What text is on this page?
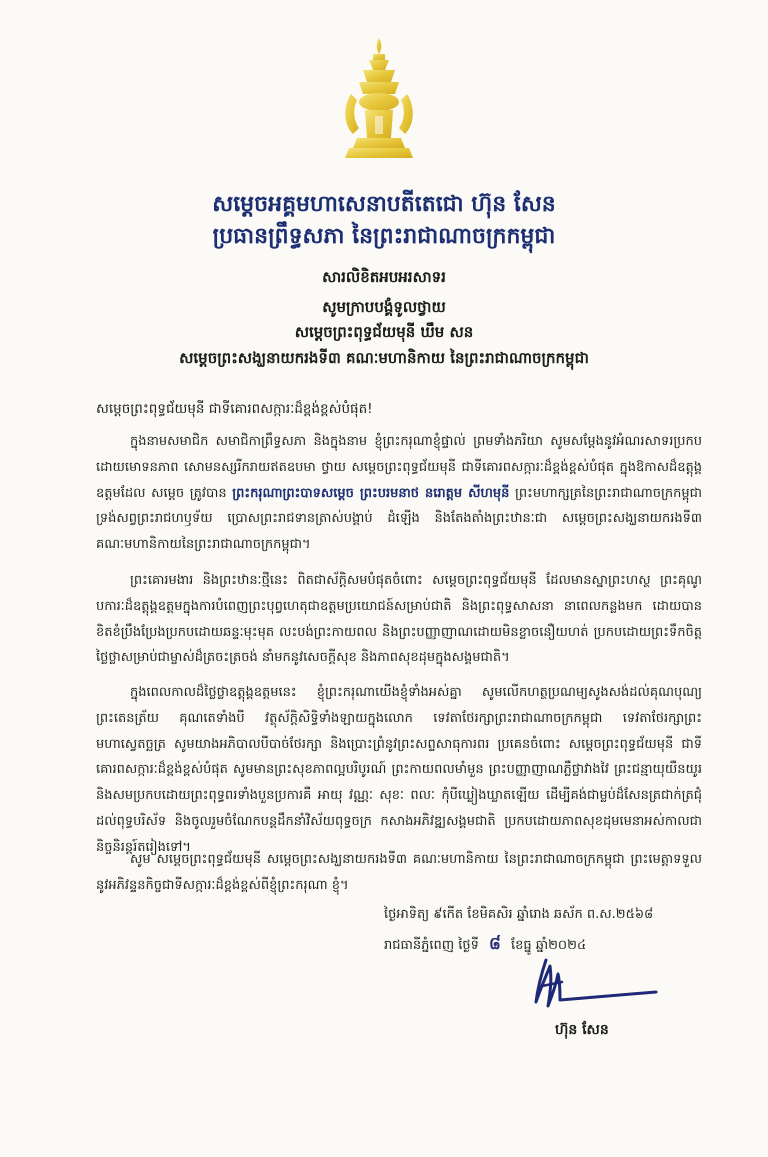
សម្តេចអគ្គមហាសេនាបតីតេជោ ហ៊ុន សែន
ប្រធានព្រឹទ្ធសភា នៃព្រះរាជាណាចក្រកម្ពុជា
សារលិខិតអបអរសាទរ
សូមក្រាបបង្គំទូលថ្វាយ
សម្តេចព្រះពុទ្ធជ័យមុនី ឃឹម សន
សម្តេចព្រះសង្ឃនាយករងទី៣ គណៈមហានិកាយ នៃព្រះរាជាណាចក្រកម្ពុជា
សម្តេចព្រះពុទ្ធជ័យមុនី ជាទីគោរពសក្ការៈដ៏ខ្ពង់ខ្ពស់បំផុត!

ក្នុងនាមសមាជិក សមាជិកាព្រឹទ្ធសភា និងក្នុងនាម ខ្ញុំព្រះករុណាខ្ញុំផ្ទាល់ ព្រមទាំងភរិយា សូមសម្តែងនូវអំណរសាទរប្រកបដោយមោទនភាព សោមនស្សរីករាយឥតឧបមា ថ្វាយ សម្តេចព្រះពុទ្ធជ័យមុនី ជាទីគោរពសក្ការៈដ៏ខ្ពង់ខ្ពស់បំផុត ក្នុងឱកាសដ៏ឧត្តុង្គឧត្តមដែល សម្តេច ត្រូវបាន ព្រះករុណាព្រះបាទសម្តេច ព្រះបរមនាថ នរោត្តម សីហមុនី ព្រះមហាក្សត្រនៃព្រះរាជាណាចក្រកម្ពុជា ទ្រង់សព្វព្រះរាជហឫទ័យ ប្រោសព្រះរាជទានត្រាស់បង្គាប់ ដំឡើង និងតែងតាំងព្រះឋានៈជា សម្តេចព្រះសង្ឃនាយករងទី៣ គណៈមហានិកាយនៃព្រះរាជាណាចក្រកម្ពុជា។

ព្រះគោរមងារ និងព្រះឋានៈថ្មីនេះ ពិតជាស័ក្តិសមបំផុតចំពោះ សម្តេចព្រះពុទ្ធជ័យមុនី ដែលមានស្នាព្រះហស្ថ ព្រះគុណូបការៈដ៏ឧត្តុង្គឧត្តមក្នុងការបំពេញព្រះបុព្វហេតុជាឧត្តមប្រយោជន៍សម្រាប់ជាតិ និងព្រះពុទ្ធសាសនា នាពេលកន្លងមក ដោយបានខិតខំប្រឹងប្រែងប្រកបដោយឆន្ទៈមុះមុត លះបង់ព្រះកាយពល និងព្រះបញ្ញាញាណដោយមិនខ្លាចនឿយហត់ ប្រកបដោយព្រះទឹកចិត្តថ្លៃថ្លាសម្រាប់ជាម្ចាស់ដ៏ត្រចះត្រចង់ នាំមកនូវសេចក្តីសុខ និងភាពសុខដុមក្នុងសង្គមជាតិ។

ក្នុងពេលកាលដ៏ថ្លៃថ្លាឧត្តុង្គឧត្តមនេះ ខ្ញុំព្រះករុណាយើងខ្ញុំទាំងអស់គ្នា សូមលើកហត្ថប្រណម្យសូងសង់ដល់គុណបុណ្យព្រះតេនត្រ័យ គុណតេទាំងបី វត្ថុស័ក្តិសិទ្ធិទាំងឡាយក្នុងលោក ទេវតាថែរក្សាព្រះរាជាណាចក្រកម្ពុជា ទេវតាថែរក្សាព្រះមហាសេ្វតច្ឆត្រ សូមយាងអភិបាលបីបាច់ថែរក្សា និងប្រោះព្រំនូវព្រះសព្ទសាធុការពរ ប្រគេនចំពោះ សម្តេចព្រះពុទ្ធជ័យមុនី ជាទីគោរពសក្ការៈដ៏ខ្ពង់ខ្ពស់បំផុត សូមមានព្រះសុខភាពល្អបរិបូរណ៍ ព្រះកាយពលមាំមួន ព្រះបញ្ញាញាណភ្លឺថ្លាវាងវៃ ព្រះជន្មាយុយឺនយូរ និងសមប្រកបដោយព្រះពុទ្ធពរទាំងបួនប្រការគឺ អាយុ វណ្ណៈ សុខៈ ពលៈ កុំបីឃ្លៀងឃ្លាតឡើយ ដើម្បីគង់ជាម្លប់ដ៏សែនត្រជាក់ត្រជុំដល់ពុទ្ធបរិស័ទ និងចូលរួមចំណែកបន្តដឹកនាំវិស័យពុទ្ធចក្រ កសាងអភិវឌ្ឍសង្គមជាតិ ប្រកបដោយភាពសុខដុមមេនាអស់កាលជានិច្ចនិរន្តរ៍តរៀងទៅ។

សូម សម្តេចព្រះពុទ្ធជ័យមុនី សម្តេចព្រះសង្ឃនាយករងទី៣ គណៈមហានិកាយ នៃព្រះរាជាណាចក្រកម្ពុជា ព្រះមេត្តាទទួលនូវអភិវន្ទនកិច្ចជាទីសក្ការៈដ៏ខ្ពង់ខ្ពស់ពីខ្ញុំព្រះករុណា ខ្ញុំ។

ថ្ងៃអាទិត្យ ៩កើត ខែមិគសិរ ឆ្នាំរោង ឆស័ក ព.ស.២៥៦៨
រាជធានីភ្នំពេញ ថ្ងៃទី ៨ ខែធ្នូ ឆ្នាំ២០២៤
ហ៊ុន សែន
